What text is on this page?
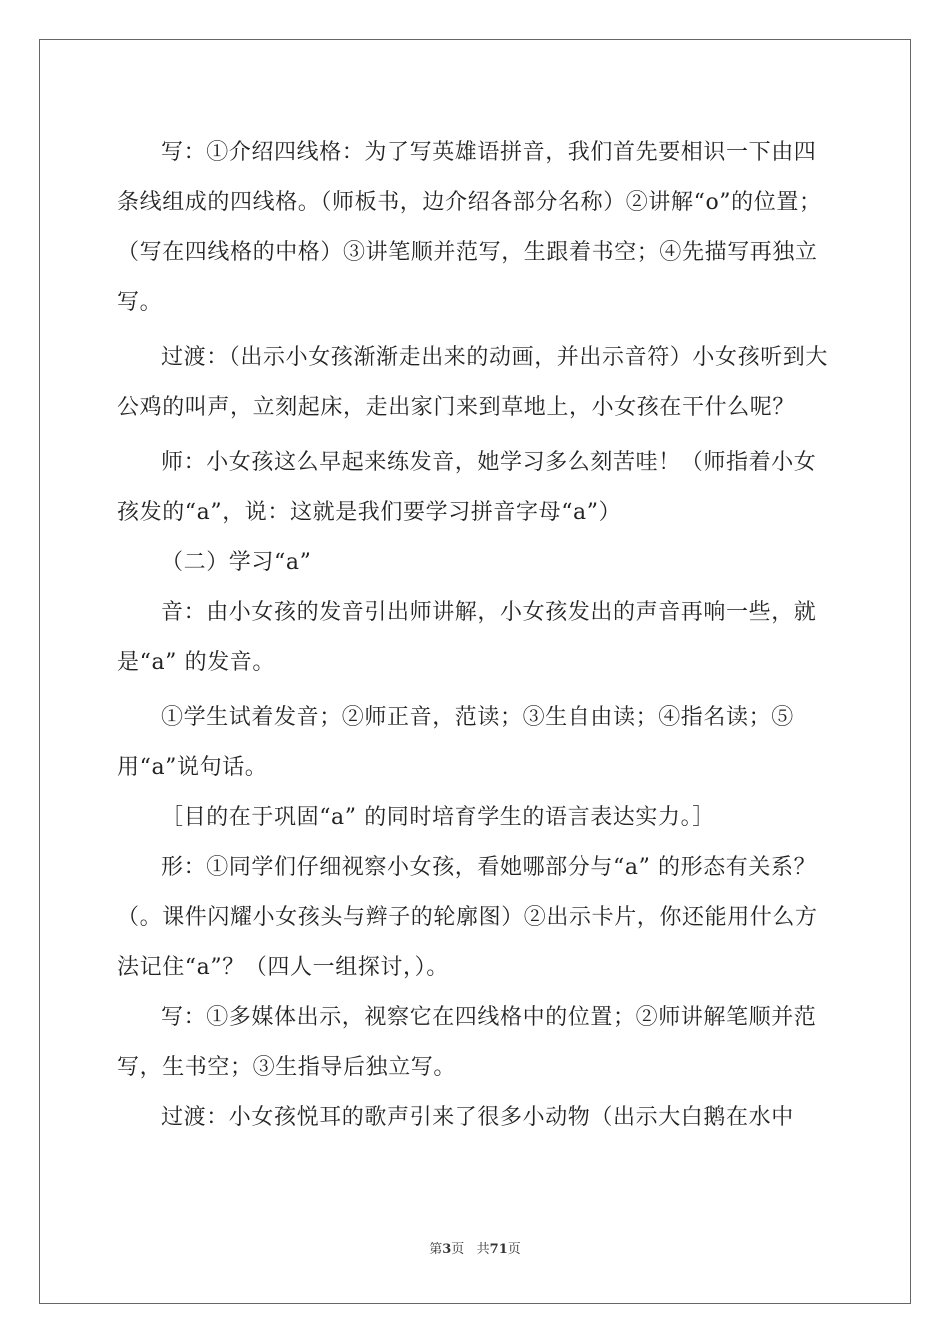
写：①介绍四线格：为了写英雄语拼音，我们首先要相识一下由四条线组成的四线格。（师板书，边介绍各部分名称）②讲解“o”的位置；（写在四线格的中格）③讲笔顺并范写，生跟着书空；④先描写再独立写。

过渡：（出示小女孩渐渐走出来的动画，并出示音符）小女孩听到大公鸡的叫声，立刻起床，走出家门来到草地上，小女孩在干什么呢？

师：小女孩这么早起来练发音，她学习多么刻苦哇！（师指着小女孩发的“a”，说：这就是我们要学习拼音字母“a”）

（二）学习“a”

音：由小女孩的发音引出师讲解，小女孩发出的声音再响一些，就是“a” 的发音。

①学生试着发音；②师正音，范读；③生自由读；④指名读；⑤用“a”说句话。

［目的在于巩固“a” 的同时培育学生的语言表达实力。］

形：①同学们仔细视察小女孩，看她哪部分与“a” 的形态有关系？（。课件闪耀小女孩头与辫子的轮廓图）②出示卡片，你还能用什么方法记住“a”？（四人一组探讨，）。

写：①多媒体出示，视察它在四线格中的位置；②师讲解笔顺并范写，生书空；③生指导后独立写。

过渡：小女孩悦耳的歌声引来了很多小动物（出示大白鹅在水中

第3页   共71页
